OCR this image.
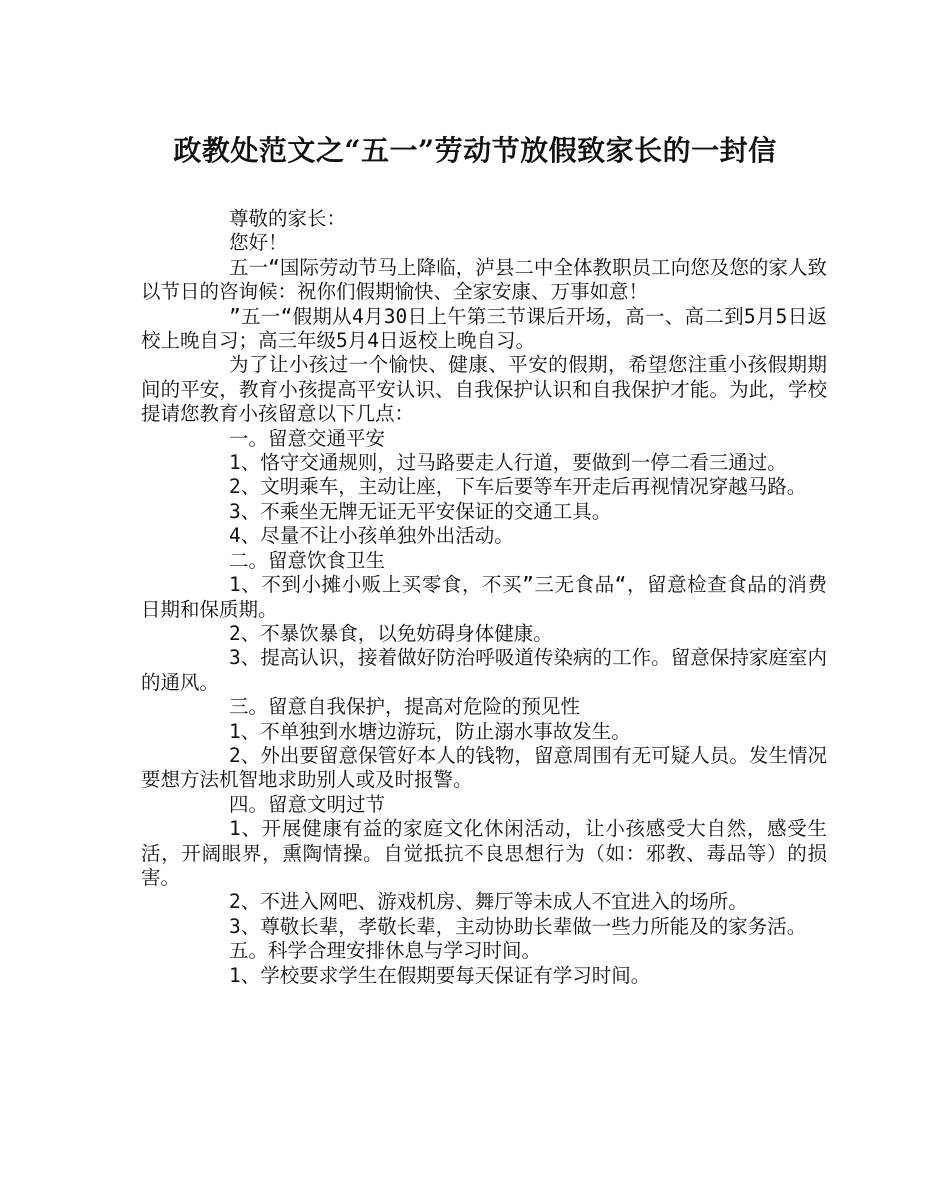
政教处范文之“五一”劳动节放假致家长的一封信

尊敬的家长：

您好！

五一“国际劳动节马上降临，泸县二中全体教职员工向您及您的家人致以节日的咨询候：祝你们假期愉快、全家安康、万事如意！

”五一“假期从4月30日上午第三节课后开场，高一、高二到5月5日返校上晚自习；高三年级5月4日返校上晚自习。

为了让小孩过一个愉快、健康、平安的假期，希望您注重小孩假期期间的平安，教育小孩提高平安认识、自我保护认识和自我保护才能。为此，学校提请您教育小孩留意以下几点：

一。留意交通平安

1、恪守交通规则，过马路要走人行道，要做到一停二看三通过。

2、文明乘车，主动让座，下车后要等车开走后再视情况穿越马路。

3、不乘坐无牌无证无平安保证的交通工具。

4、尽量不让小孩单独外出活动。

二。留意饮食卫生

1、不到小摊小贩上买零食，不买”三无食品“，留意检查食品的消费日期和保质期。

2、不暴饮暴食，以免妨碍身体健康。

3、提高认识，接着做好防治呼吸道传染病的工作。留意保持家庭室内的通风。

三。留意自我保护，提高对危险的预见性

1、不单独到水塘边游玩，防止溺水事故发生。

2、外出要留意保管好本人的钱物，留意周围有无可疑人员。发生情况要想方法机智地求助别人或及时报警。

四。留意文明过节

1、开展健康有益的家庭文化休闲活动，让小孩感受大自然，感受生活，开阔眼界，熏陶情操。自觉抵抗不良思想行为（如：邪教、毒品等）的损害。

2、不进入网吧、游戏机房、舞厅等未成人不宜进入的场所。

3、尊敬长辈，孝敬长辈，主动协助长辈做一些力所能及的家务活。

五。科学合理安排休息与学习时间。

1、学校要求学生在假期要每天保证有学习时间。
